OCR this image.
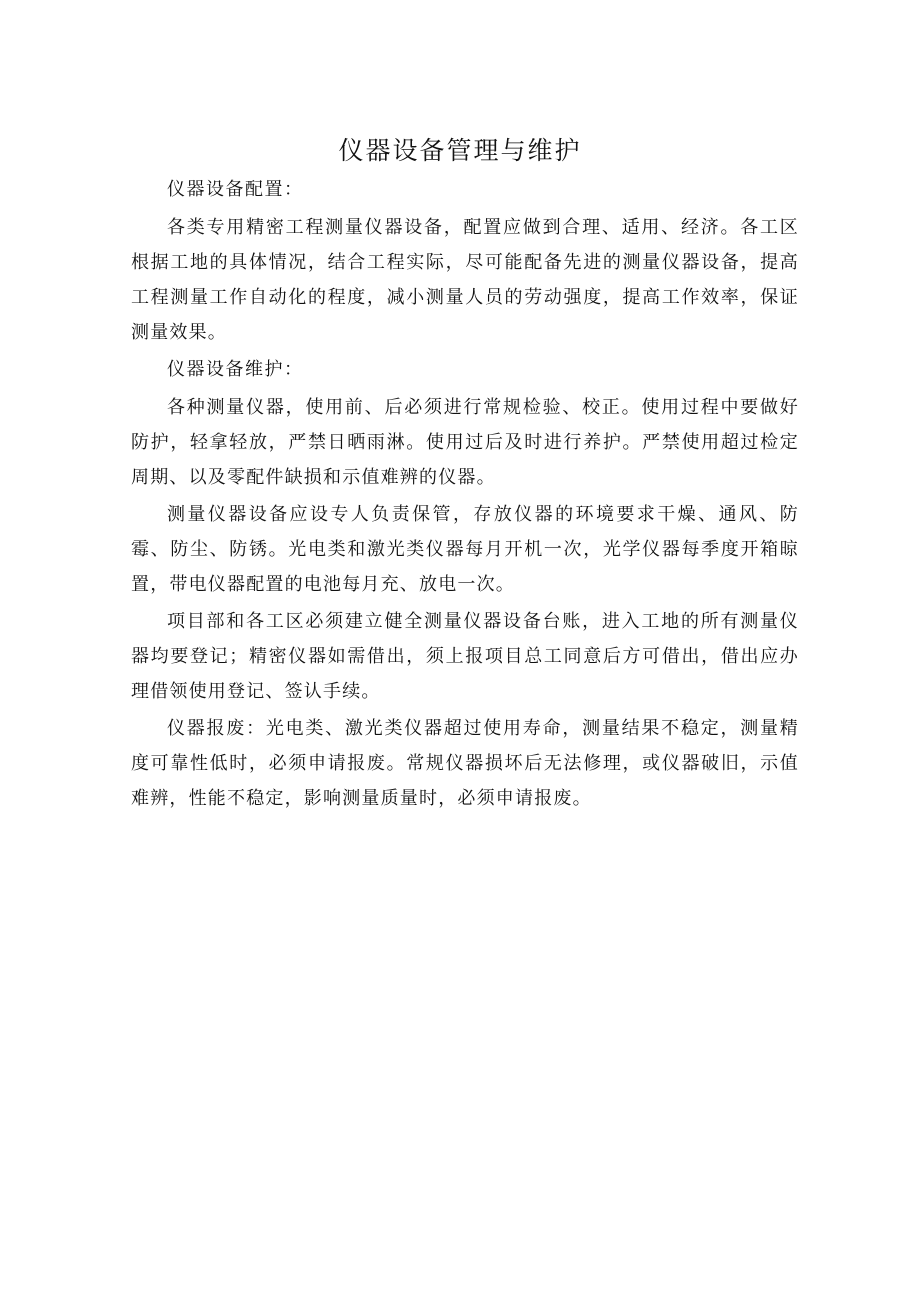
仪器设备管理与维护

仪器设备配置：

各类专用精密工程测量仪器设备，配置应做到合理、适用、经济。各工区根据工地的具体情况，结合工程实际，尽可能配备先进的测量仪器设备，提高工程测量工作自动化的程度，减小测量人员的劳动强度，提高工作效率，保证测量效果。

仪器设备维护：

各种测量仪器，使用前、后必须进行常规检验、校正。使用过程中要做好防护，轻拿轻放，严禁日晒雨淋。使用过后及时进行养护。严禁使用超过检定周期、以及零配件缺损和示值难辨的仪器。

测量仪器设备应设专人负责保管，存放仪器的环境要求干燥、通风、防霉、防尘、防锈。光电类和激光类仪器每月开机一次，光学仪器每季度开箱晾置，带电仪器配置的电池每月充、放电一次。

项目部和各工区必须建立健全测量仪器设备台账，进入工地的所有测量仪器均要登记；精密仪器如需借出，须上报项目总工同意后方可借出，借出应办理借领使用登记、签认手续。

仪器报废：光电类、激光类仪器超过使用寿命，测量结果不稳定，测量精度可靠性低时，必须申请报废。常规仪器损坏后无法修理，或仪器破旧，示值难辨，性能不稳定，影响测量质量时，必须申请报废。
